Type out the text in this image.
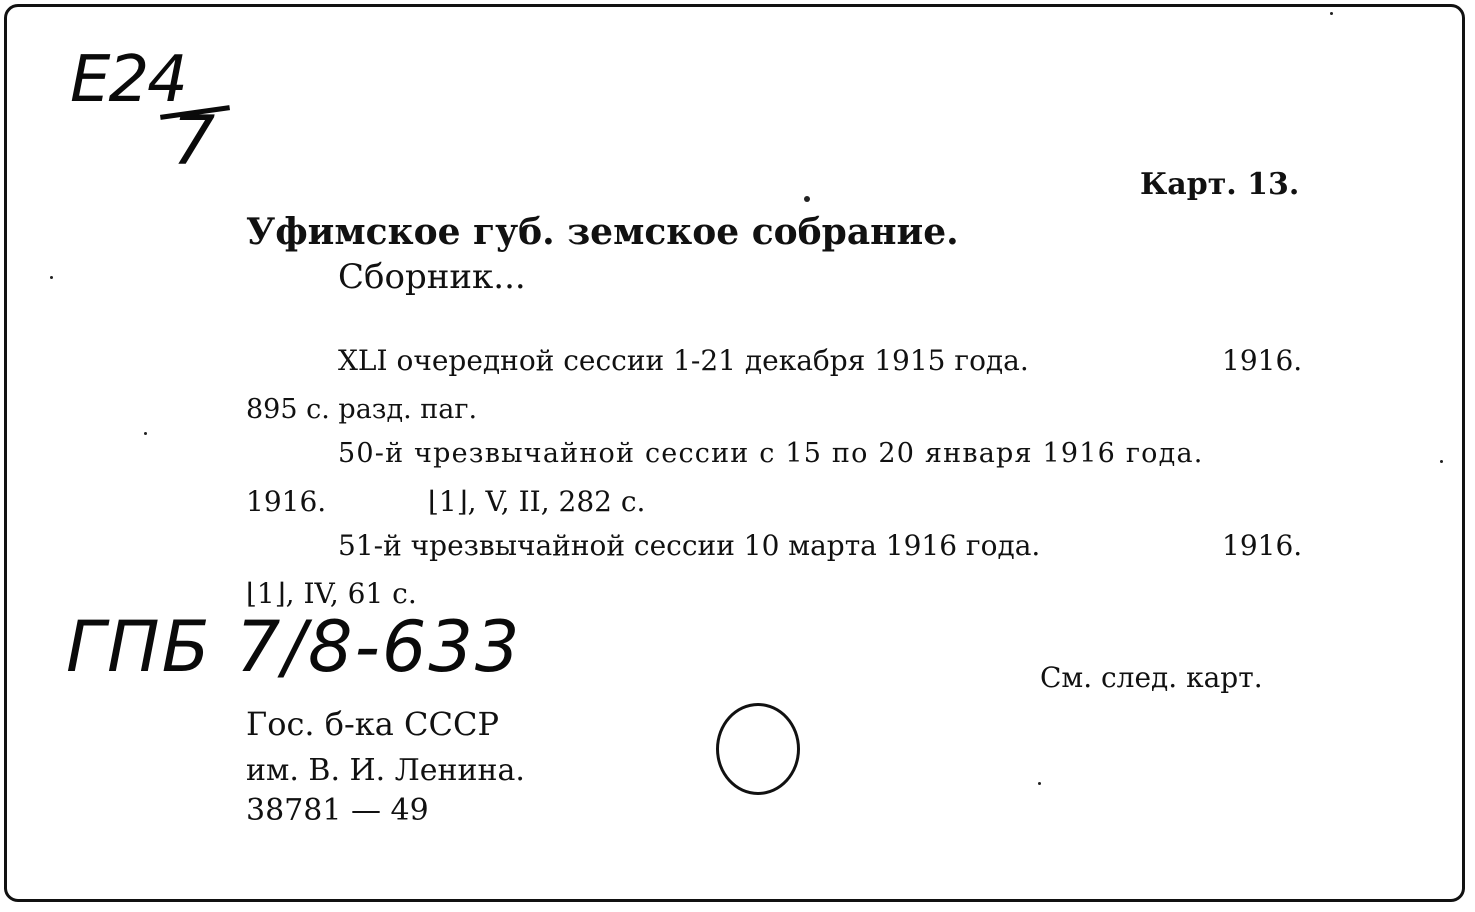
E24
7
Карт. 13.
Уфимское губ. земское собрание.
Сборник...
XLI очередной сессии 1-21 декабря 1915 года.	1916.
895 с. разд. паг.
50-й чрезвычайной сессии с 15 по 20 января 1916 года.
1916.	⌊1⌋, V, II, 282 с.
51-й чрезвычайной сессии 10 марта 1916 года.	1916.
⌊1⌋, IV, 61 с.
ГПБ 7/8-633	См. след. карт.
Гос. б-ка СССР
им. В. И. Ленина.
38781 — 49
